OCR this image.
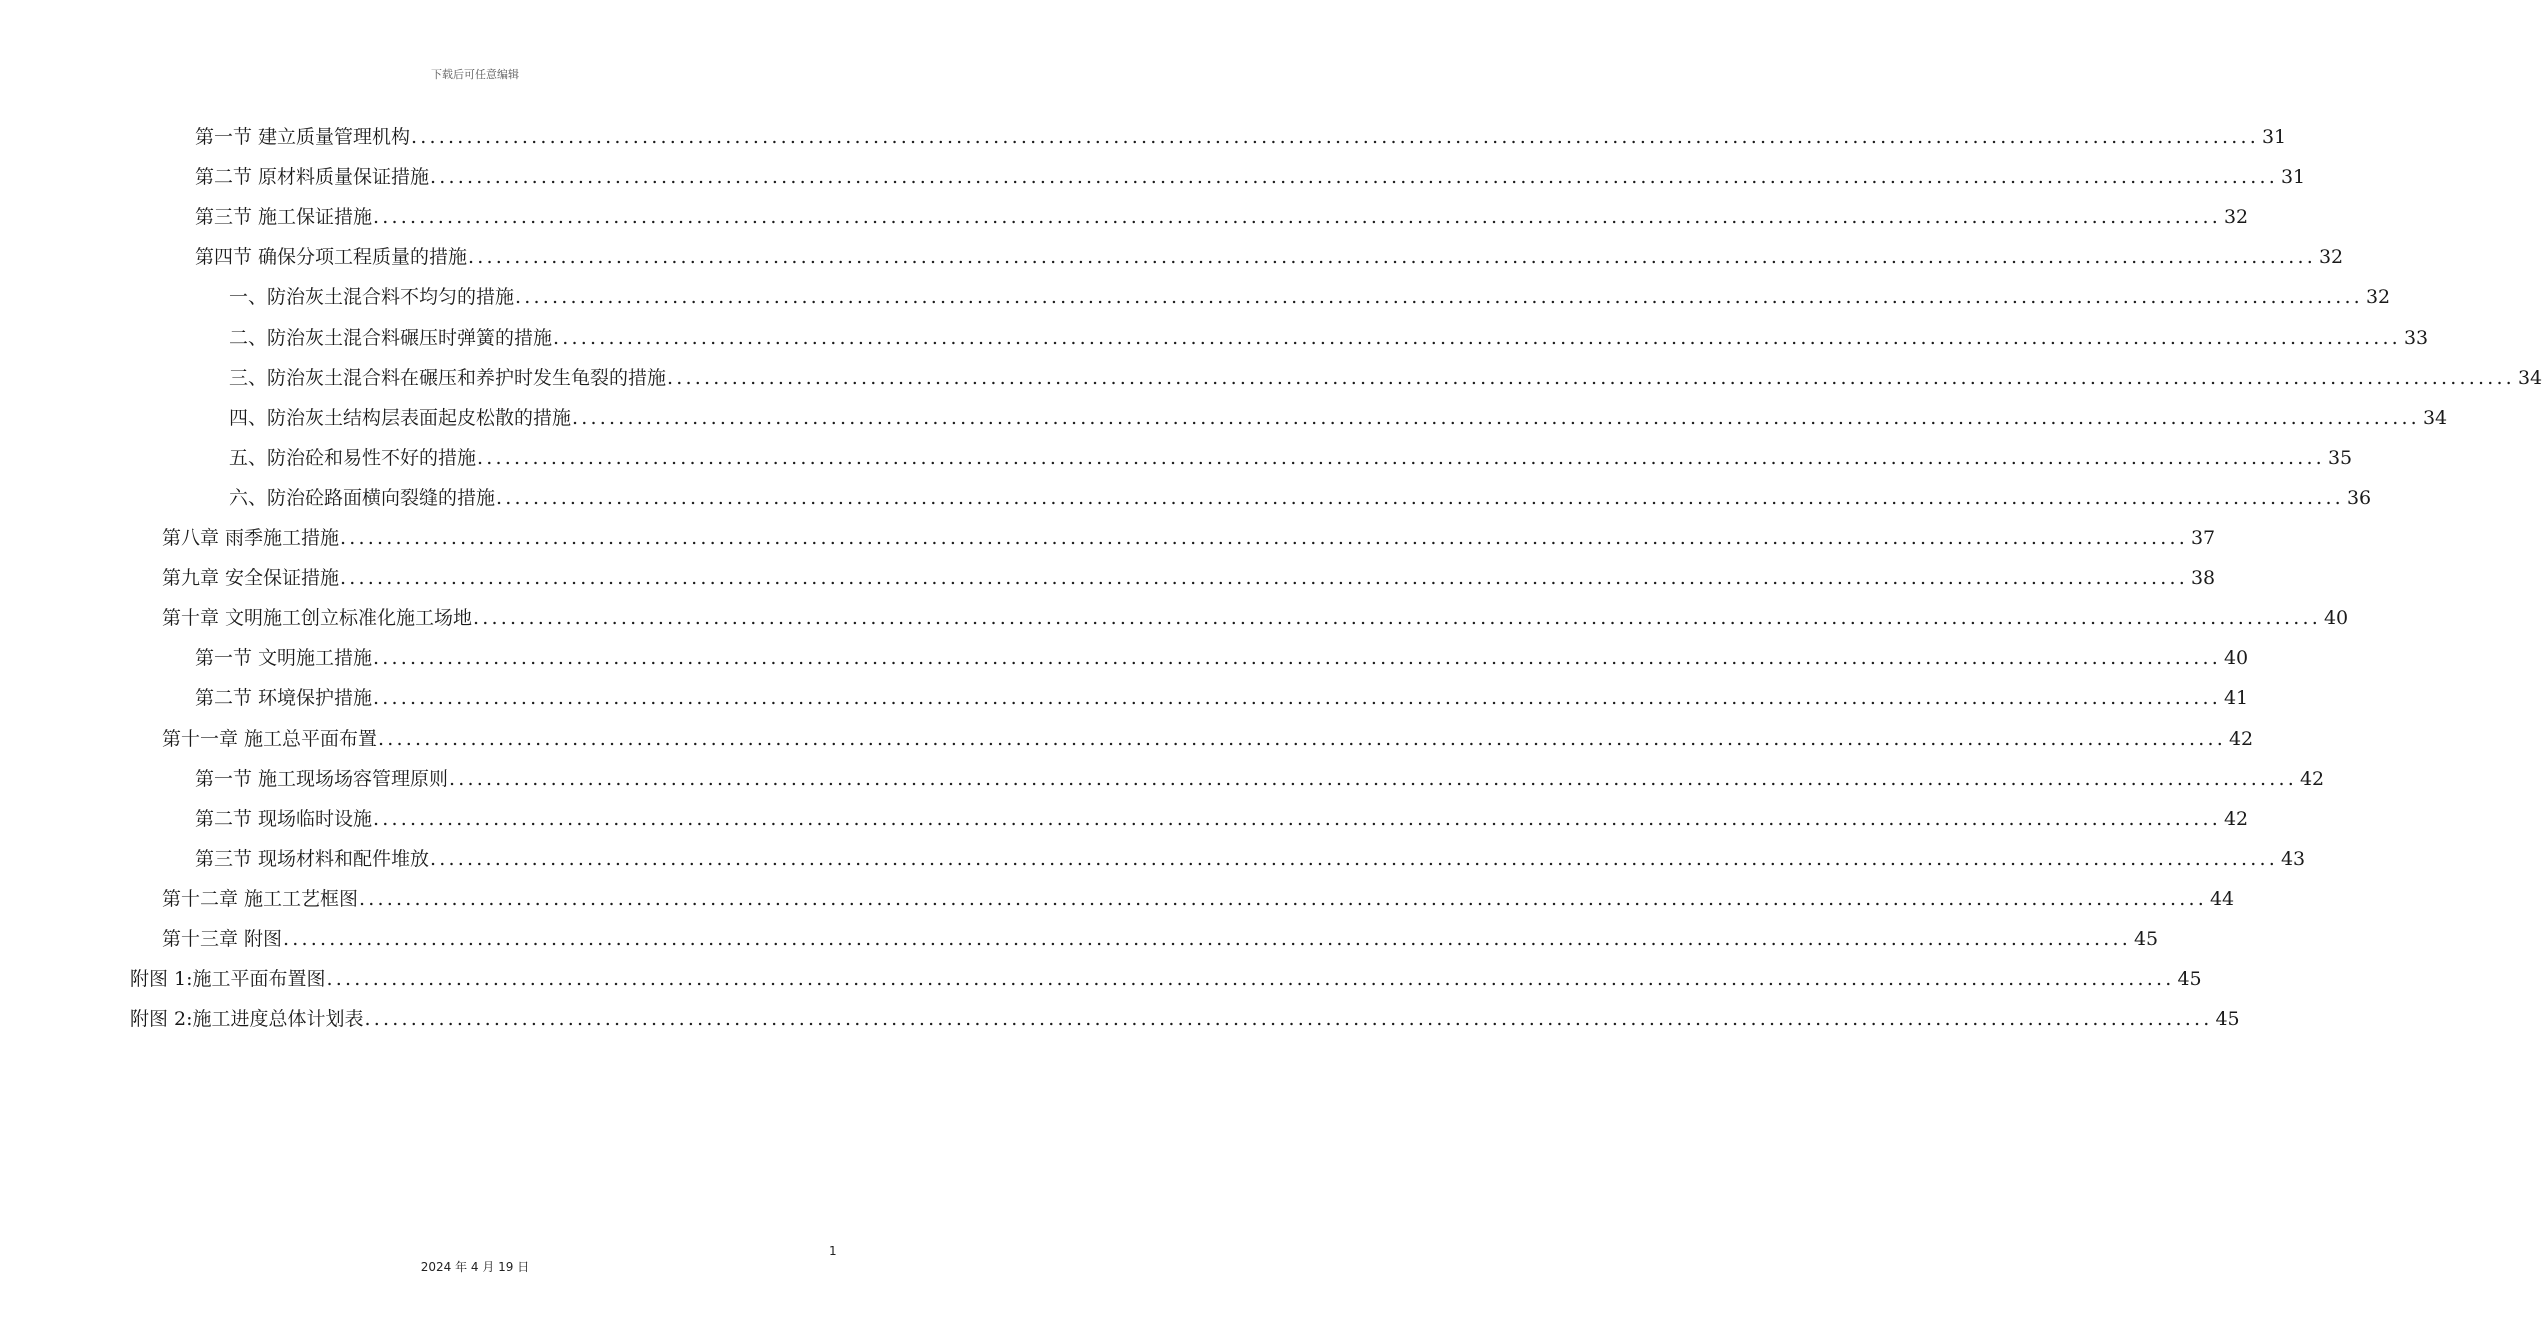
下载后可任意编辑
第一节 建立质量管理机构 ........................................................................................................................................................................................................ 31
第二节 原材料质量保证措施 ........................................................................................................................................................................................................ 31
第三节 施工保证措施 ........................................................................................................................................................................................................ 32
第四节 确保分项工程质量的措施 ........................................................................................................................................................................................................ 32
一、防治灰土混合料不均匀的措施 ........................................................................................................................................................................................................ 32
二、防治灰土混合料碾压时弹簧的措施 ........................................................................................................................................................................................................ 33
三、防治灰土混合料在碾压和养护时发生龟裂的措施 ........................................................................................................................................................................................................ 34
四、防治灰土结构层表面起皮松散的措施 ........................................................................................................................................................................................................ 34
五、防治砼和易性不好的措施 ........................................................................................................................................................................................................ 35
六、防治砼路面横向裂缝的措施 ........................................................................................................................................................................................................ 36
第八章 雨季施工措施 ........................................................................................................................................................................................................ 37
第九章 安全保证措施 ........................................................................................................................................................................................................ 38
第十章 文明施工创立标准化施工场地 ........................................................................................................................................................................................................ 40
第一节 文明施工措施 ........................................................................................................................................................................................................ 40
第二节 环境保护措施 ........................................................................................................................................................................................................ 41
第十一章 施工总平面布置 ........................................................................................................................................................................................................ 42
第一节 施工现场场容管理原则 ........................................................................................................................................................................................................ 42
第二节 现场临时设施 ........................................................................................................................................................................................................ 42
第三节 现场材料和配件堆放 ........................................................................................................................................................................................................ 43
第十二章 施工工艺框图 ........................................................................................................................................................................................................ 44
第十三章 附图 ........................................................................................................................................................................................................ 45
附图 1:施工平面布置图 ........................................................................................................................................................................................................ 45
附图 2:施工进度总体计划表 ........................................................................................................................................................................................................ 45
1
2024 年 4 月 19 日
